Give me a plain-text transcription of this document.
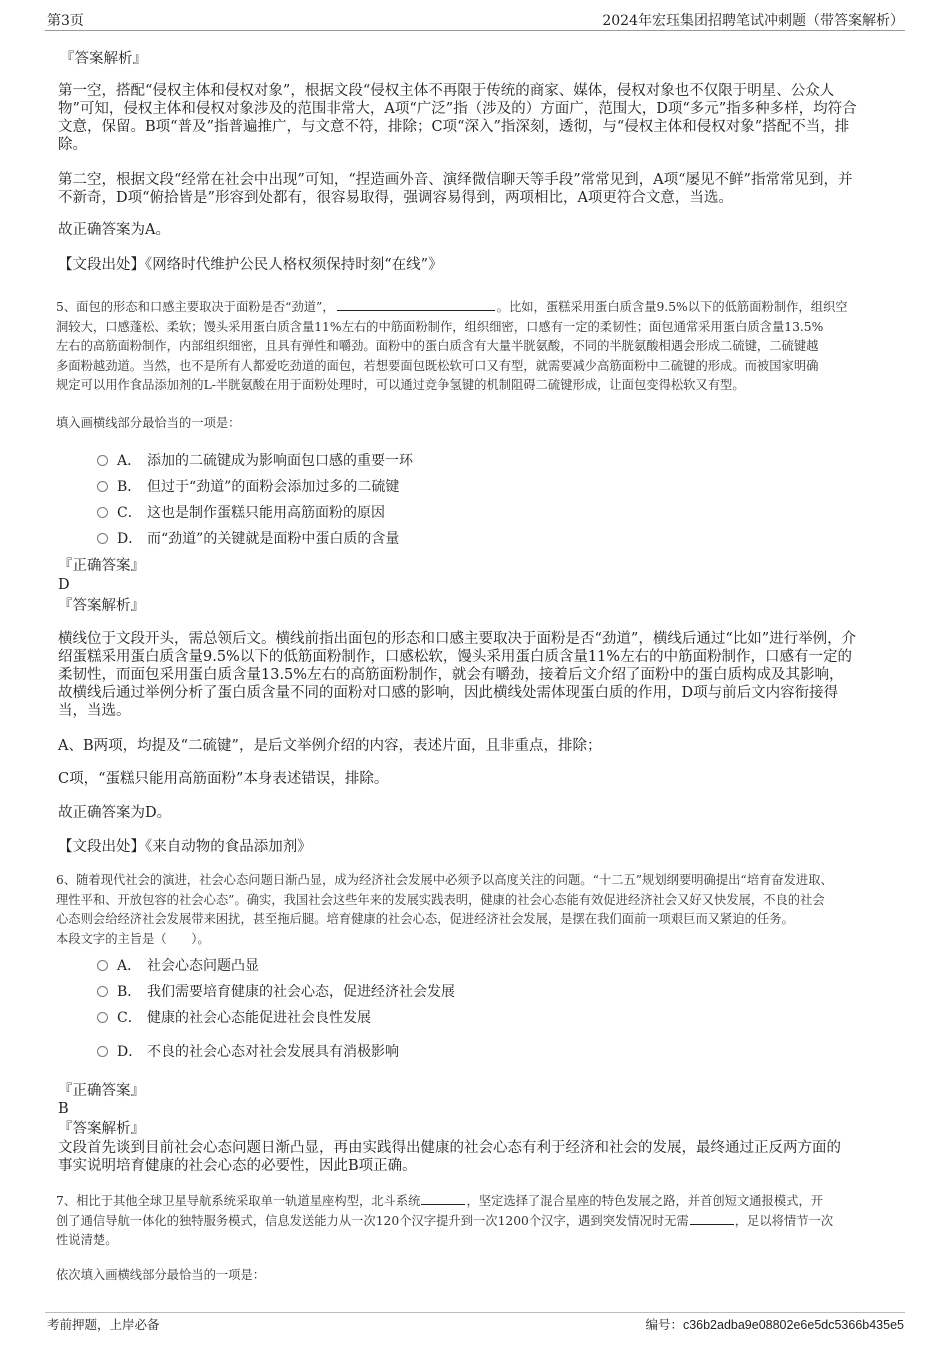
第3页	2024年宏珏集团招聘笔试冲刺题（带答案解析）
『答案解析』
第一空，搭配“侵权主体和侵权对象”，根据文段“侵权主体不再限于传统的商家、媒体，侵权对象也不仅限于明星、公众人
物”可知，侵权主体和侵权对象涉及的范围非常大，A项“广泛”指（涉及的）方面广，范围大，D项“多元”指多种多样，均符合
文意，保留。B项“普及”指普遍推广，与文意不符，排除；C项“深入”指深刻，透彻，与“侵权主体和侵权对象”搭配不当，排
除。
第二空，根据文段“经常在社会中出现”可知，“捏造画外音、演绎微信聊天等手段”常常见到，A项“屡见不鲜”指常常见到，并
不新奇，D项“俯拾皆是”形容到处都有，很容易取得，强调容易得到，两项相比，A项更符合文意，当选。
故正确答案为A。
【文段出处】《网络时代维护公民人格权须保持时刻“在线”》
5、面包的形态和口感主要取决于面粉是否“劲道”，	。比如，蛋糕采用蛋白质含量9.5%以下的低筋面粉制作，组织空
洞较大，口感蓬松、柔软；馒头采用蛋白质含量11%左右的中筋面粉制作，组织细密，口感有一定的柔韧性；面包通常采用蛋白质含量13.5%
左右的高筋面粉制作，内部组织细密，且具有弹性和嚼劲。面粉中的蛋白质含有大量半胱氨酸，不同的半胱氨酸相遇会形成二硫键，二硫键越
多面粉越劲道。当然，也不是所有人都爱吃劲道的面包，若想要面包既松软可口又有型，就需要减少高筋面粉中二硫键的形成。而被国家明确
规定可以用作食品添加剂的L-半胱氨酸在用于面粉处理时，可以通过竞争氢键的机制阻碍二硫键形成，让面包变得松软又有型。
填入画横线部分最恰当的一项是：
A． 添加的二硫键成为影响面包口感的重要一环
B． 但过于“劲道”的面粉会添加过多的二硫键
C． 这也是制作蛋糕只能用高筋面粉的原因
D． 而“劲道”的关键就是面粉中蛋白质的含量
『正确答案』
D
『答案解析』
横线位于文段开头，需总领后文。横线前指出面包的形态和口感主要取决于面粉是否“劲道”，横线后通过“比如”进行举例，介
绍蛋糕采用蛋白质含量9.5%以下的低筋面粉制作，口感松软，馒头采用蛋白质含量11%左右的中筋面粉制作，口感有一定的
柔韧性，而面包采用蛋白质含量13.5%左右的高筋面粉制作，就会有嚼劲，接着后文介绍了面粉中的蛋白质构成及其影响，
故横线后通过举例分析了蛋白质含量不同的面粉对口感的影响，因此横线处需体现蛋白质的作用，D项与前后文内容衔接得
当，当选。
A、B两项，均提及“二硫键”，是后文举例介绍的内容，表述片面，且非重点，排除；
C项，“蛋糕只能用高筋面粉”本身表述错误，排除。
故正确答案为D。
【文段出处】《来自动物的食品添加剂》
6、随着现代社会的演进，社会心态问题日渐凸显，成为经济社会发展中必须予以高度关注的问题。“十二五”规划纲要明确提出“培育奋发进取、
理性平和、开放包容的社会心态”。确实，我国社会这些年来的发展实践表明，健康的社会心态能有效促进经济社会又好又快发展，不良的社会
心态则会给经济社会发展带来困扰，甚至拖后腿。培育健康的社会心态，促进经济社会发展，是摆在我们面前一项艰巨而又紧迫的任务。
本段文字的主旨是（　　）。
A． 社会心态问题凸显
B． 我们需要培育健康的社会心态，促进经济社会发展
C． 健康的社会心态能促进社会良性发展
D． 不良的社会心态对社会发展具有消极影响
『正确答案』
B
『答案解析』
文段首先谈到目前社会心态问题日渐凸显，再由实践得出健康的社会心态有利于经济和社会的发展，最终通过正反两方面的
事实说明培育健康的社会心态的必要性，因此B项正确。
7、相比于其他全球卫星导航系统采取单一轨道星座构型，北斗系统	，坚定选择了混合星座的特色发展之路，并首创短文通报模式，开
创了通信导航一体化的独特服务模式，信息发送能力从一次120个汉字提升到一次1200个汉字，遇到突发情况时无需	，足以将情节一次
性说清楚。
依次填入画横线部分最恰当的一项是：
考前押题，上岸必备	编号：c36b2adba9e08802e6e5dc5366b435e5
